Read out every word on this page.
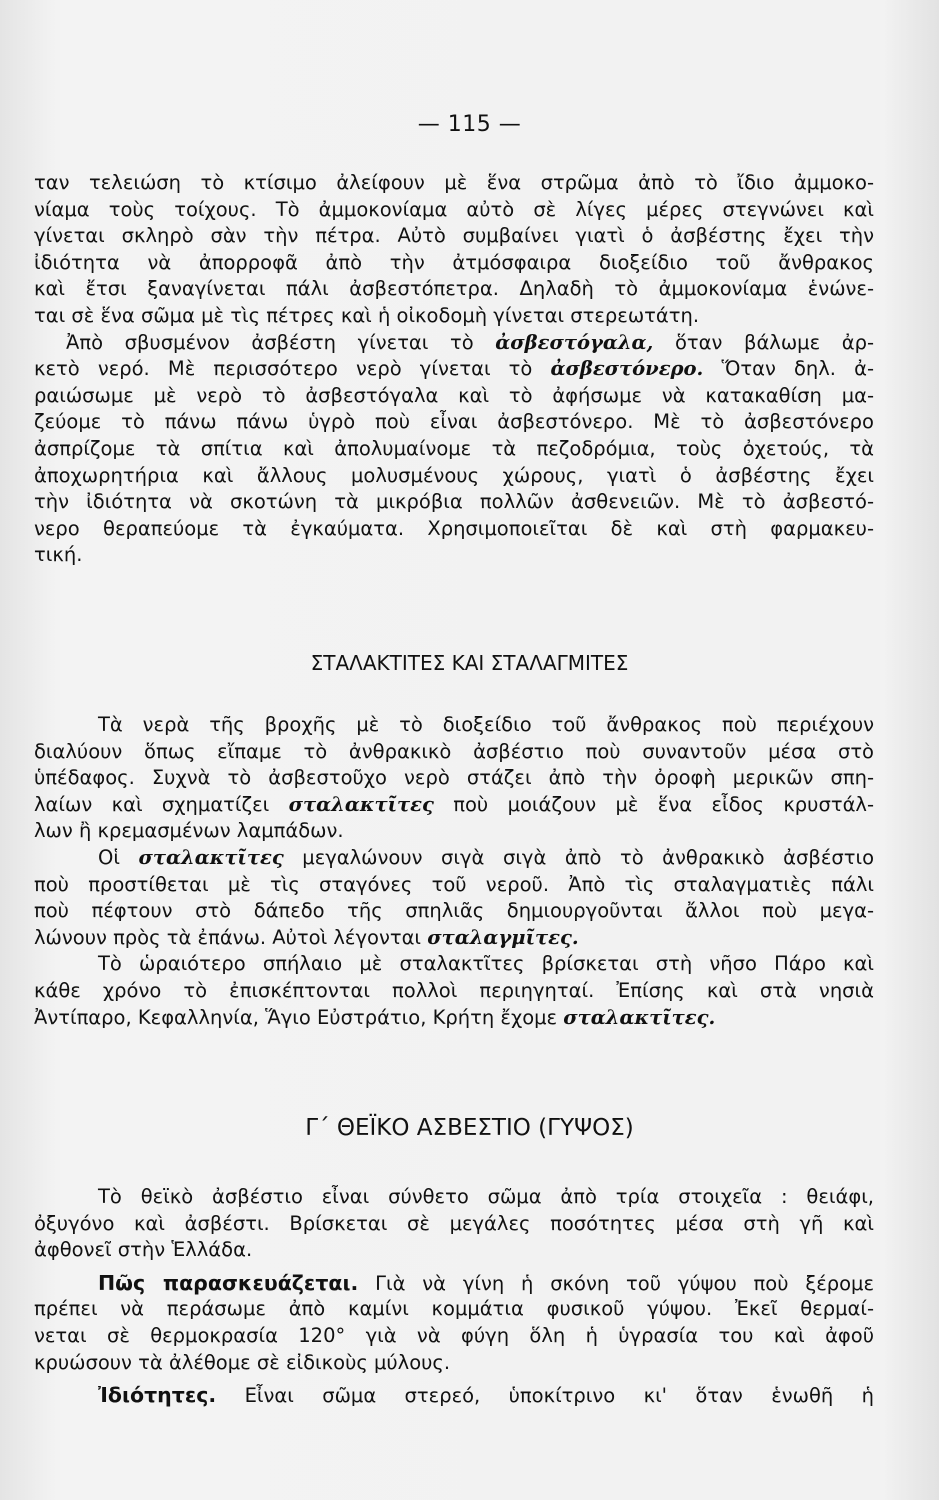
— 115 —
ταν τελειώση τὸ κτίσιμο ἀλείφουν μὲ ἕνα στρῶμα ἀπὸ τὸ ἴδιο ἀμμοκο-
νίαμα τοὺς τοίχους. Τὸ ἀμμοκονίαμα αὐτὸ σὲ λίγες μέρες στεγνώνει καὶ
γίνεται σκληρὸ σὰν τὴν πέτρα. Αὐτὸ συμβαίνει γιατὶ ὁ ἀσβέστης ἔχει τὴν
ἰδιότητα νὰ ἀπορροφᾶ ἀπὸ τὴν ἀτμόσφαιρα διοξείδιο τοῦ ἄνθρακος
καὶ ἔτσι ξαναγίνεται πάλι ἀσβεστόπετρα. Δηλαδὴ τὸ ἀμμοκονίαμα ἑνώνε-
ται σὲ ἕνα σῶμα μὲ τὶς πέτρες καὶ ἡ οἰκοδομὴ γίνεται στερεωτάτη.
Ἀπὸ σβυσμένον ἀσβέστη γίνεται τὸ ἀσβεστόγαλα, ὅταν βάλωμε ἀρ-
κετὸ νερό. Μὲ περισσότερο νερὸ γίνεται τὸ ἀσβεστόνερο. Ὅταν δηλ. ἀ-
ραιώσωμε μὲ νερὸ τὸ ἀσβεστόγαλα καὶ τὸ ἀφήσωμε νὰ κατακαθίση μα-
ζεύομε τὸ πάνω πάνω ὑγρὸ ποὺ εἶναι ἀσβεστόνερο. Μὲ τὸ ἀσβεστόνερο
ἀσπρίζομε τὰ σπίτια καὶ ἀπολυμαίνομε τὰ πεζοδρόμια, τοὺς ὀχετούς, τὰ
ἀποχωρητήρια καὶ ἄλλους μολυσμένους χώρους, γιατὶ ὁ ἀσβέστης ἔχει
τὴν ἰδιότητα νὰ σκοτώνη τὰ μικρόβια πολλῶν ἀσθενειῶν. Μὲ τὸ ἀσβεστό-
νερο θεραπεύομε τὰ ἐγκαύματα. Χρησιμοποιεῖται δὲ καὶ στὴ φαρμακευ-
τική.
ΣΤΑΛΑΚΤΙΤΕΣ ΚΑΙ ΣΤΑΛΑΓΜΙΤΕΣ
Τὰ νερὰ τῆς βροχῆς μὲ τὸ διοξείδιο τοῦ ἄνθρακος ποὺ περιέχουν
διαλύουν ὅπως εἴπαμε τὸ ἀνθρακικὸ ἀσβέστιο ποὺ συναντοῦν μέσα στὸ
ὑπέδαφος. Συχνὰ τὸ ἀσβεστοῦχο νερὸ στάζει ἀπὸ τὴν ὀροφὴ μερικῶν σπη-
λαίων καὶ σχηματίζει σταλακτῖτες ποὺ μοιάζουν μὲ ἕνα εἶδος κρυστάλ-
λων ἢ κρεμασμένων λαμπάδων.
Οἱ σταλακτῖτες μεγαλώνουν σιγὰ σιγὰ ἀπὸ τὸ ἀνθρακικὸ ἀσβέστιο
ποὺ προστίθεται μὲ τὶς σταγόνες τοῦ νεροῦ. Ἀπὸ τὶς σταλαγματιὲς πάλι
ποὺ πέφτουν στὸ δάπεδο τῆς σπηλιᾶς δημιουργοῦνται ἄλλοι ποὺ μεγα-
λώνουν πρὸς τὰ ἐπάνω. Αὐτοὶ λέγονται σταλαγμῖτες.
Τὸ ὡραιότερο σπήλαιο μὲ σταλακτῖτες βρίσκεται στὴ νῆσο Πάρο καὶ
κάθε χρόνο τὸ ἐπισκέπτονται πολλοὶ περιηγηταί. Ἐπίσης καὶ στὰ νησιὰ
Ἀντίπαρο, Κεφαλληνία, Ἅγιο Εὐστράτιο, Κρήτη ἔχομε σταλακτῖτες.
Γ΄ ΘΕΪΚΟ ΑΣΒΕΣΤΙΟ (ΓΥΨΟΣ)
Τὸ θεϊκὸ ἀσβέστιο εἶναι σύνθετο σῶμα ἀπὸ τρία στοιχεῖα : θειάφι,
ὀξυγόνο καὶ ἀσβέστι. Βρίσκεται σὲ μεγάλες ποσότητες μέσα στὴ γῆ καὶ
ἀφθονεῖ στὴν Ἑλλάδα.
Πῶς παρασκευάζεται. Γιὰ νὰ γίνη ἡ σκόνη τοῦ γύψου ποὺ ξέρομε
πρέπει νὰ περάσωμε ἀπὸ καμίνι κομμάτια φυσικοῦ γύψου. Ἐκεῖ θερμαί-
νεται σὲ θερμοκρασία 120° γιὰ νὰ φύγη ὅλη ἡ ὑγρασία του καὶ ἀφοῦ
κρυώσουν τὰ ἀλέθομε σὲ εἰδικοὺς μύλους.
Ἰδιότητες. Εἶναι σῶμα στερεό, ὑποκίτρινο κι' ὅταν ἑνωθῆ ἡ
